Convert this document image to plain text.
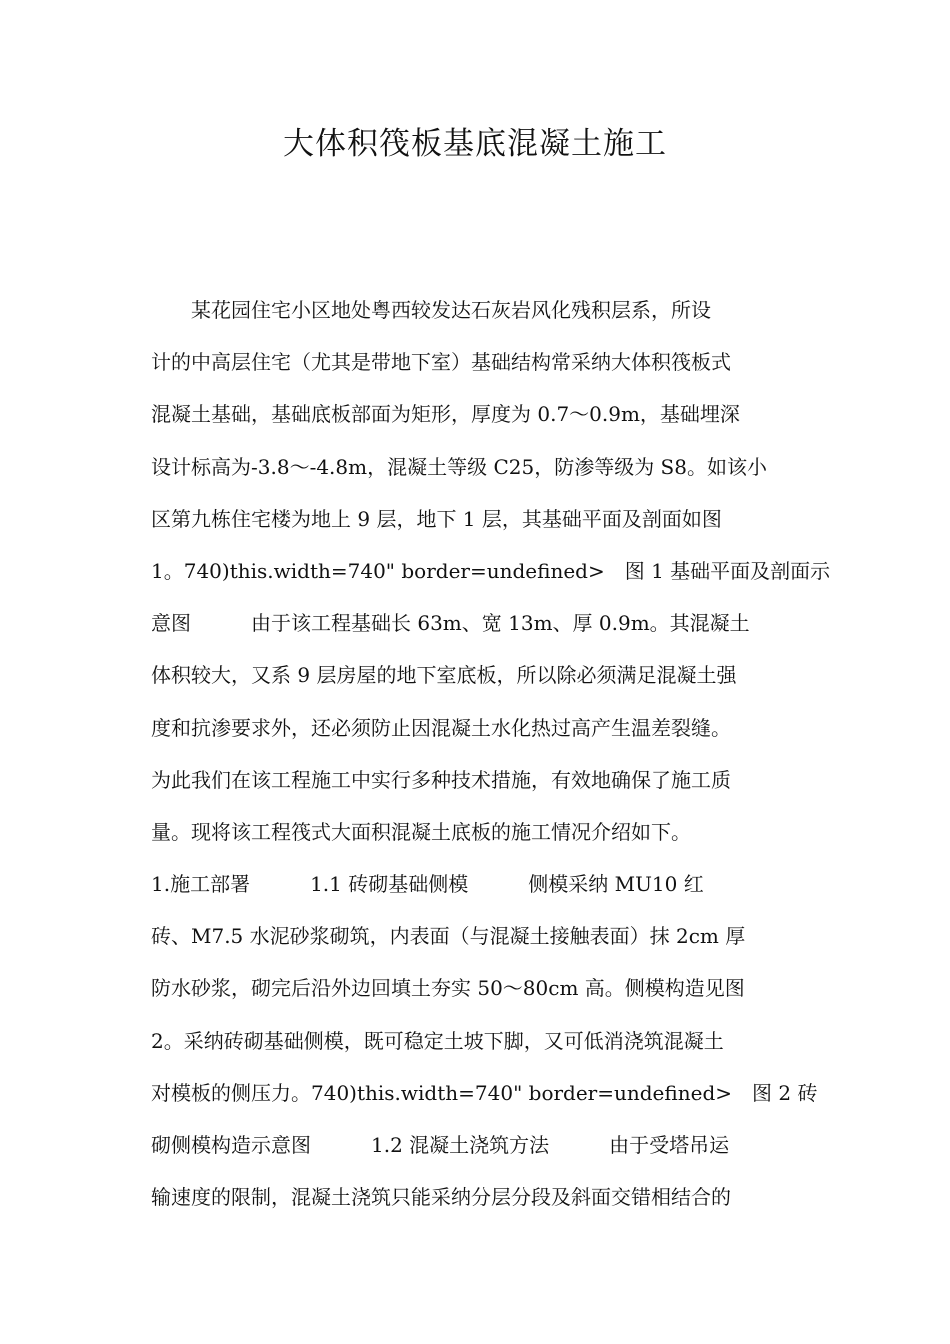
大体积筏板基底混凝土施工
　　某花园住宅小区地处粤西较发达石灰岩风化残积层系，所设
计的中高层住宅（尤其是带地下室）基础结构常采纳大体积筏板式
混凝土基础，基础底板部面为矩形，厚度为 0.7～0.9m，基础埋深
设计标高为-3.8～-4.8m，混凝土等级 C25，防渗等级为 S8。如该小
区第九栋住宅楼为地上 9 层，地下 1 层，其基础平面及剖面如图
1。740)this.width=740" border=undefined>　图 1 基础平面及剖面示
意图　　　由于该工程基础长 63m、宽 13m、厚 0.9m。其混凝土
体积较大，又系 9 层房屋的地下室底板，所以除必须满足混凝土强
度和抗渗要求外，还必须防止因混凝土水化热过高产生温差裂缝。
为此我们在该工程施工中实行多种技术措施，有效地确保了施工质
量。现将该工程筏式大面积混凝土底板的施工情况介绍如下。
1.施工部署　　　1.1 砖砌基础侧模　　　侧模采纳 MU10 红
砖、M7.5 水泥砂浆砌筑，内表面（与混凝土接触表面）抹 2cm 厚
防水砂浆，砌完后沿外边回填土夯实 50～80cm 高。侧模构造见图
2。采纳砖砌基础侧模，既可稳定土坡下脚，又可低消浇筑混凝土
对模板的侧压力。740)this.width=740" border=undefined>　图 2 砖
砌侧模构造示意图　　　1.2 混凝土浇筑方法　　　由于受塔吊运
输速度的限制，混凝土浇筑只能采纳分层分段及斜面交错相结合的
